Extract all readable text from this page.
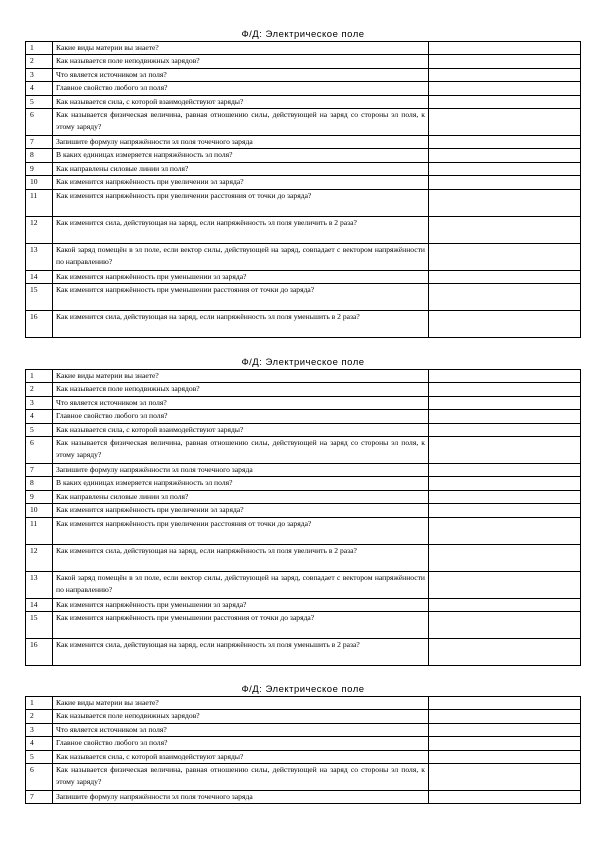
Ф/Д: Электрическое поле
1	Какие виды материи вы знаете?	
2	Как называется поле неподвижных зарядов?	
3	Что является источником эл поля?	
4	Главное свойство любого эл поля?	
5	Как называется сила, с которой взаимодействуют заряды?	
6	Как называется физическая величина, равная отношению силы, действующей на заряд со стороны эл поля, к этому заряду?	
7	Запишите формулу напряжённости эл поля точечного заряда	
8	В каких единицах измеряется напряжённость эл поля?	
9	Как направлены силовые линии эл поля?	
10	Как изменится напряжённость при увеличении эл заряда?	
11	Как изменится напряжённость при увеличении расстояния от точки до заряда?	
12	Как изменится сила, действующая на заряд, если напряжённость эл поля увеличить в 2 раза?	
13	Какой заряд помещён в эл поле, если вектор силы, действующей на заряд, совпадает с вектором напряжённости по направлению?	
14	Как изменится напряжённость при уменьшении эл заряда?	
15	Как изменится напряжённость при уменьшении расстояния от точки до заряда?	
16	Как изменится сила, действующая на заряд, если напряжённость эл поля уменьшить в 2 раза?	
Ф/Д: Электрическое поле
1	Какие виды материи вы знаете?	
2	Как называется поле неподвижных зарядов?	
3	Что является источником эл поля?	
4	Главное свойство любого эл поля?	
5	Как называется сила, с которой взаимодействуют заряды?	
6	Как называется физическая величина, равная отношению силы, действующей на заряд со стороны эл поля, к этому заряду?	
7	Запишите формулу напряжённости эл поля точечного заряда	
8	В каких единицах измеряется напряжённость эл поля?	
9	Как направлены силовые линии эл поля?	
10	Как изменится напряжённость при увеличении эл заряда?	
11	Как изменится напряжённость при увеличении расстояния от точки до заряда?	
12	Как изменится сила, действующая на заряд, если напряжённость эл поля увеличить в 2 раза?	
13	Какой заряд помещён в эл поле, если вектор силы, действующей на заряд, совпадает с вектором напряжённости по направлению?	
14	Как изменится напряжённость при уменьшении эл заряда?	
15	Как изменится напряжённость при уменьшении расстояния от точки до заряда?	
16	Как изменится сила, действующая на заряд, если напряжённость эл поля уменьшить в 2 раза?	
Ф/Д: Электрическое поле
1	Какие виды материи вы знаете?	
2	Как называется поле неподвижных зарядов?	
3	Что является источником эл поля?	
4	Главное свойство любого эл поля?	
5	Как называется сила, с которой взаимодействуют заряды?	
6	Как называется физическая величина, равная отношению силы, действующей на заряд со стороны эл поля, к этому заряду?	
7	Запишите формулу напряжённости эл поля точечного заряда	
